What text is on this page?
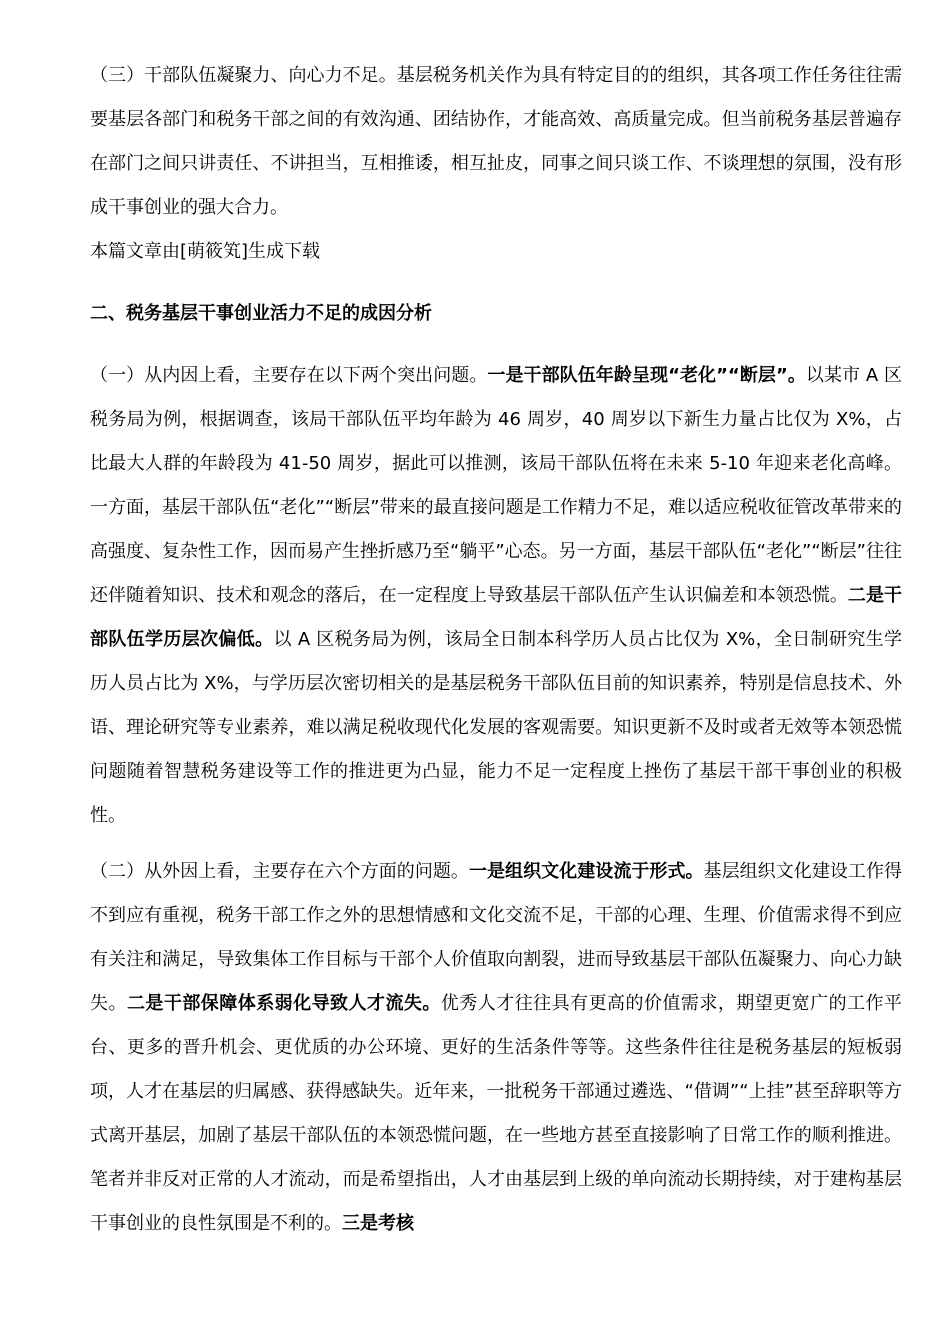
（三）干部队伍凝聚力、向心力不足。基层税务机关作为具有特定目的的组织，其各项工作任务往往需要基层各部门和税务干部之间的有效沟通、团结协作，才能高效、高质量完成。但当前税务基层普遍存在部门之间只讲责任、不讲担当，互相推诿，相互扯皮，同事之间只谈工作、不谈理想的氛围，没有形成干事创业的强大合力。

本篇文章由[萌筱笂]生成下载

二、税务基层干事创业活力不足的成因分析

（一）从内因上看，主要存在以下两个突出问题。一是干部队伍年龄呈现“老化”“断层”。以某市 A 区税务局为例，根据调查，该局干部队伍平均年龄为 46 周岁，40 周岁以下新生力量占比仅为 X%，占比最大人群的年龄段为 41-50 周岁，据此可以推测，该局干部队伍将在未来 5-10 年迎来老化高峰。一方面，基层干部队伍“老化”“断层”带来的最直接问题是工作精力不足，难以适应税收征管改革带来的高强度、复杂性工作，因而易产生挫折感乃至“躺平”心态。另一方面，基层干部队伍“老化”“断层”往往还伴随着知识、技术和观念的落后，在一定程度上导致基层干部队伍产生认识偏差和本领恐慌。二是干部队伍学历层次偏低。以 A 区税务局为例，该局全日制本科学历人员占比仅为 X%，全日制研究生学历人员占比为 X%，与学历层次密切相关的是基层税务干部队伍目前的知识素养，特别是信息技术、外语、理论研究等专业素养，难以满足税收现代化发展的客观需要。知识更新不及时或者无效等本领恐慌问题随着智慧税务建设等工作的推进更为凸显，能力不足一定程度上挫伤了基层干部干事创业的积极性。

（二）从外因上看，主要存在六个方面的问题。一是组织文化建设流于形式。基层组织文化建设工作得不到应有重视，税务干部工作之外的思想情感和文化交流不足，干部的心理、生理、价值需求得不到应有关注和满足，导致集体工作目标与干部个人价值取向割裂，进而导致基层干部队伍凝聚力、向心力缺失。二是干部保障体系弱化导致人才流失。优秀人才往往具有更高的价值需求，期望更宽广的工作平台、更多的晋升机会、更优质的办公环境、更好的生活条件等等。这些条件往往是税务基层的短板弱项，人才在基层的归属感、获得感缺失。近年来，一批税务干部通过遴选、“借调”“上挂”甚至辞职等方式离开基层，加剧了基层干部队伍的本领恐慌问题，在一些地方甚至直接影响了日常工作的顺利推进。笔者并非反对正常的人才流动，而是希望指出，人才由基层到上级的单向流动长期持续，对于建构基层干事创业的良性氛围是不利的。三是考核
